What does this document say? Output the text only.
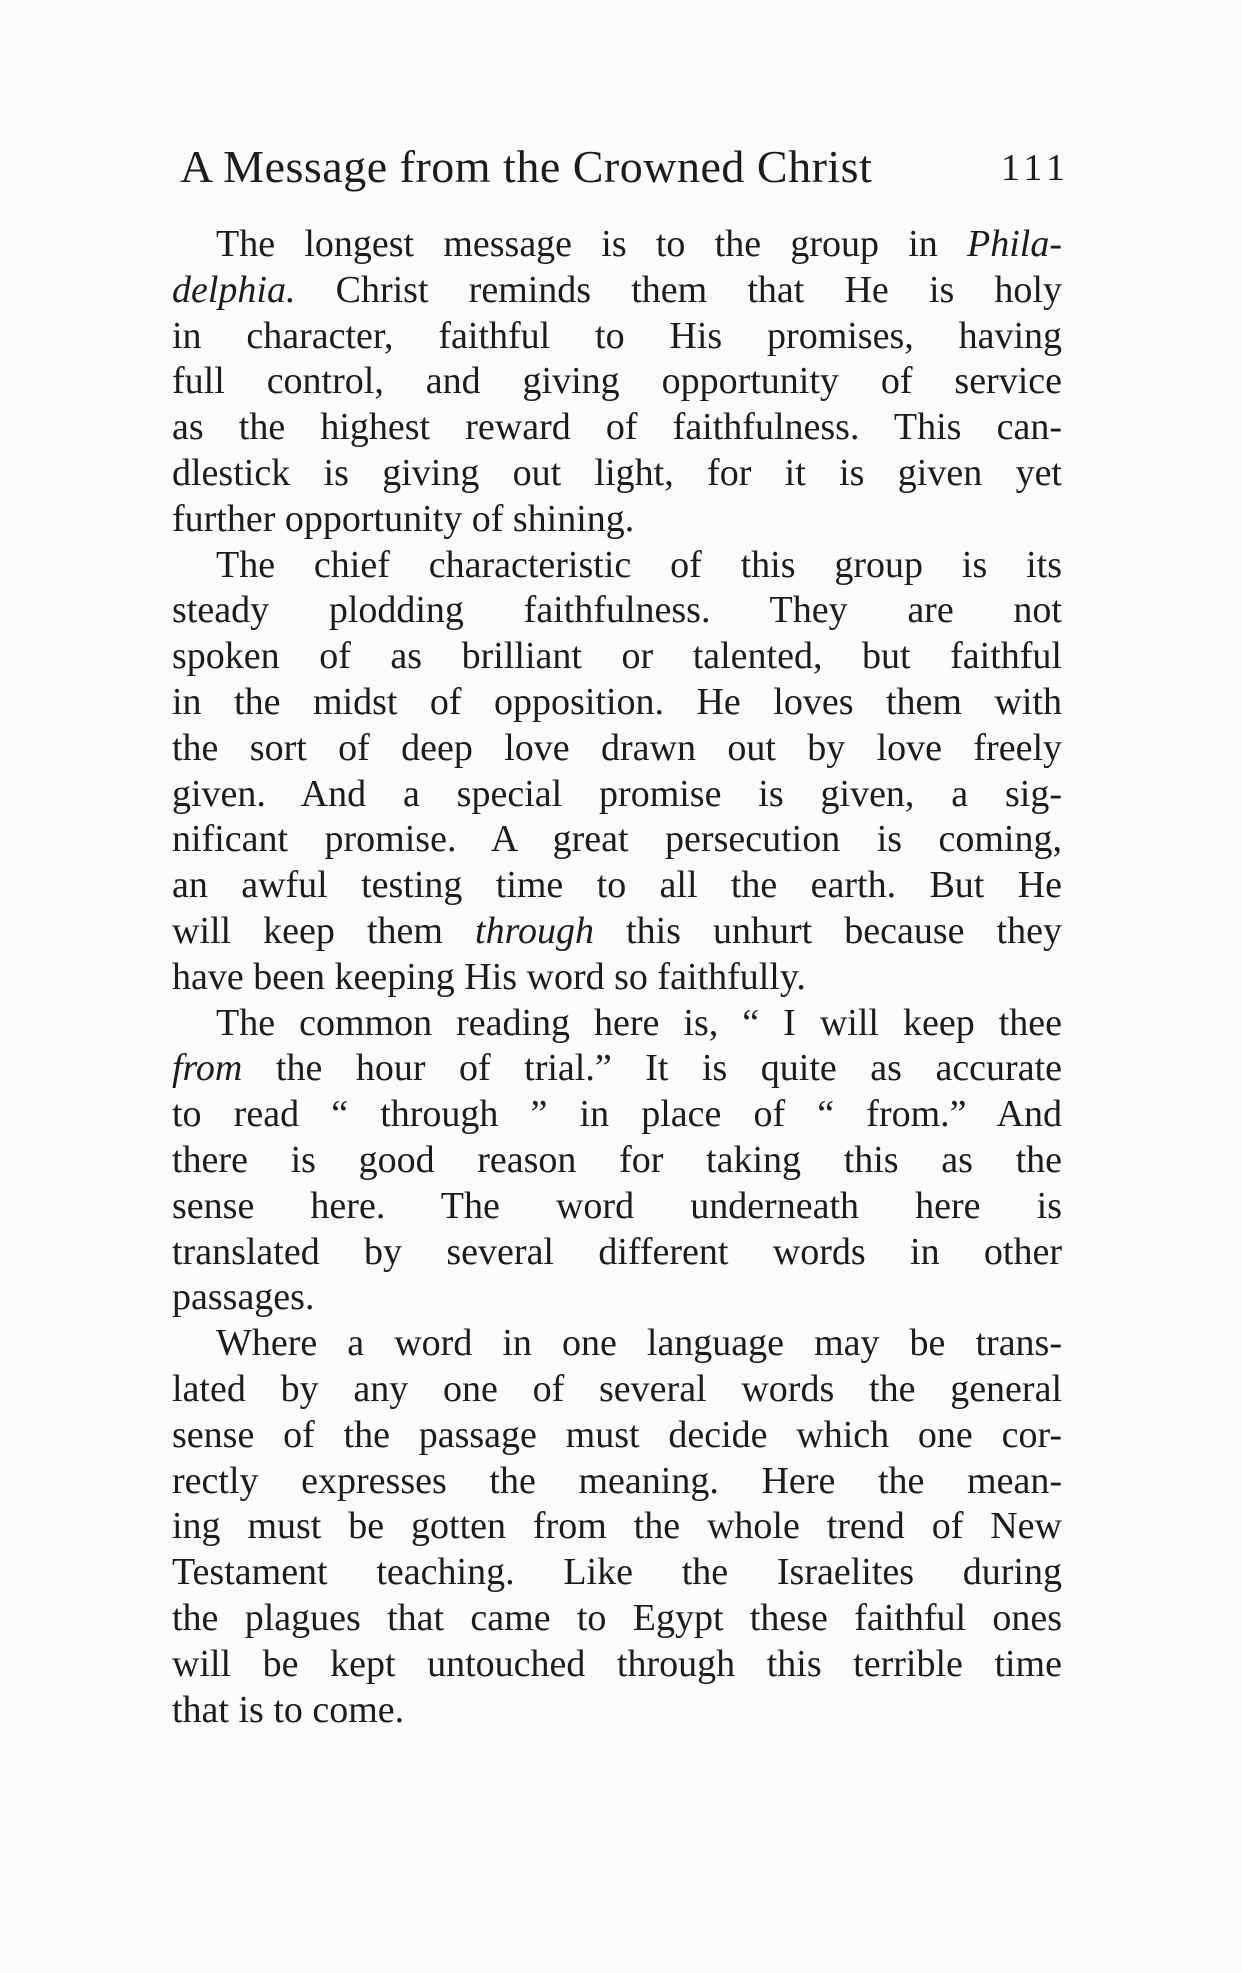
A Message from the Crowned Christ	111
The longest message is to the group in Phila-
delphia. Christ reminds them that He is holy
in character, faithful to His promises, having
full control, and giving opportunity of service
as the highest reward of faithfulness. This can-
dlestick is giving out light, for it is given yet
further opportunity of shining.
The chief characteristic of this group is its
steady plodding faithfulness. They are not
spoken of as brilliant or talented, but faithful
in the midst of opposition. He loves them with
the sort of deep love drawn out by love freely
given. And a special promise is given, a sig-
nificant promise. A great persecution is coming,
an awful testing time to all the earth. But He
will keep them through this unhurt because they
have been keeping His word so faithfully.
The common reading here is, “ I will keep thee
from the hour of trial.” It is quite as accurate
to read “ through ” in place of “ from.” And
there is good reason for taking this as the
sense here. The word underneath here is
translated by several different words in other
passages.
Where a word in one language may be trans-
lated by any one of several words the general
sense of the passage must decide which one cor-
rectly expresses the meaning. Here the mean-
ing must be gotten from the whole trend of New
Testament teaching. Like the Israelites during
the plagues that came to Egypt these faithful ones
will be kept untouched through this terrible time
that is to come.
